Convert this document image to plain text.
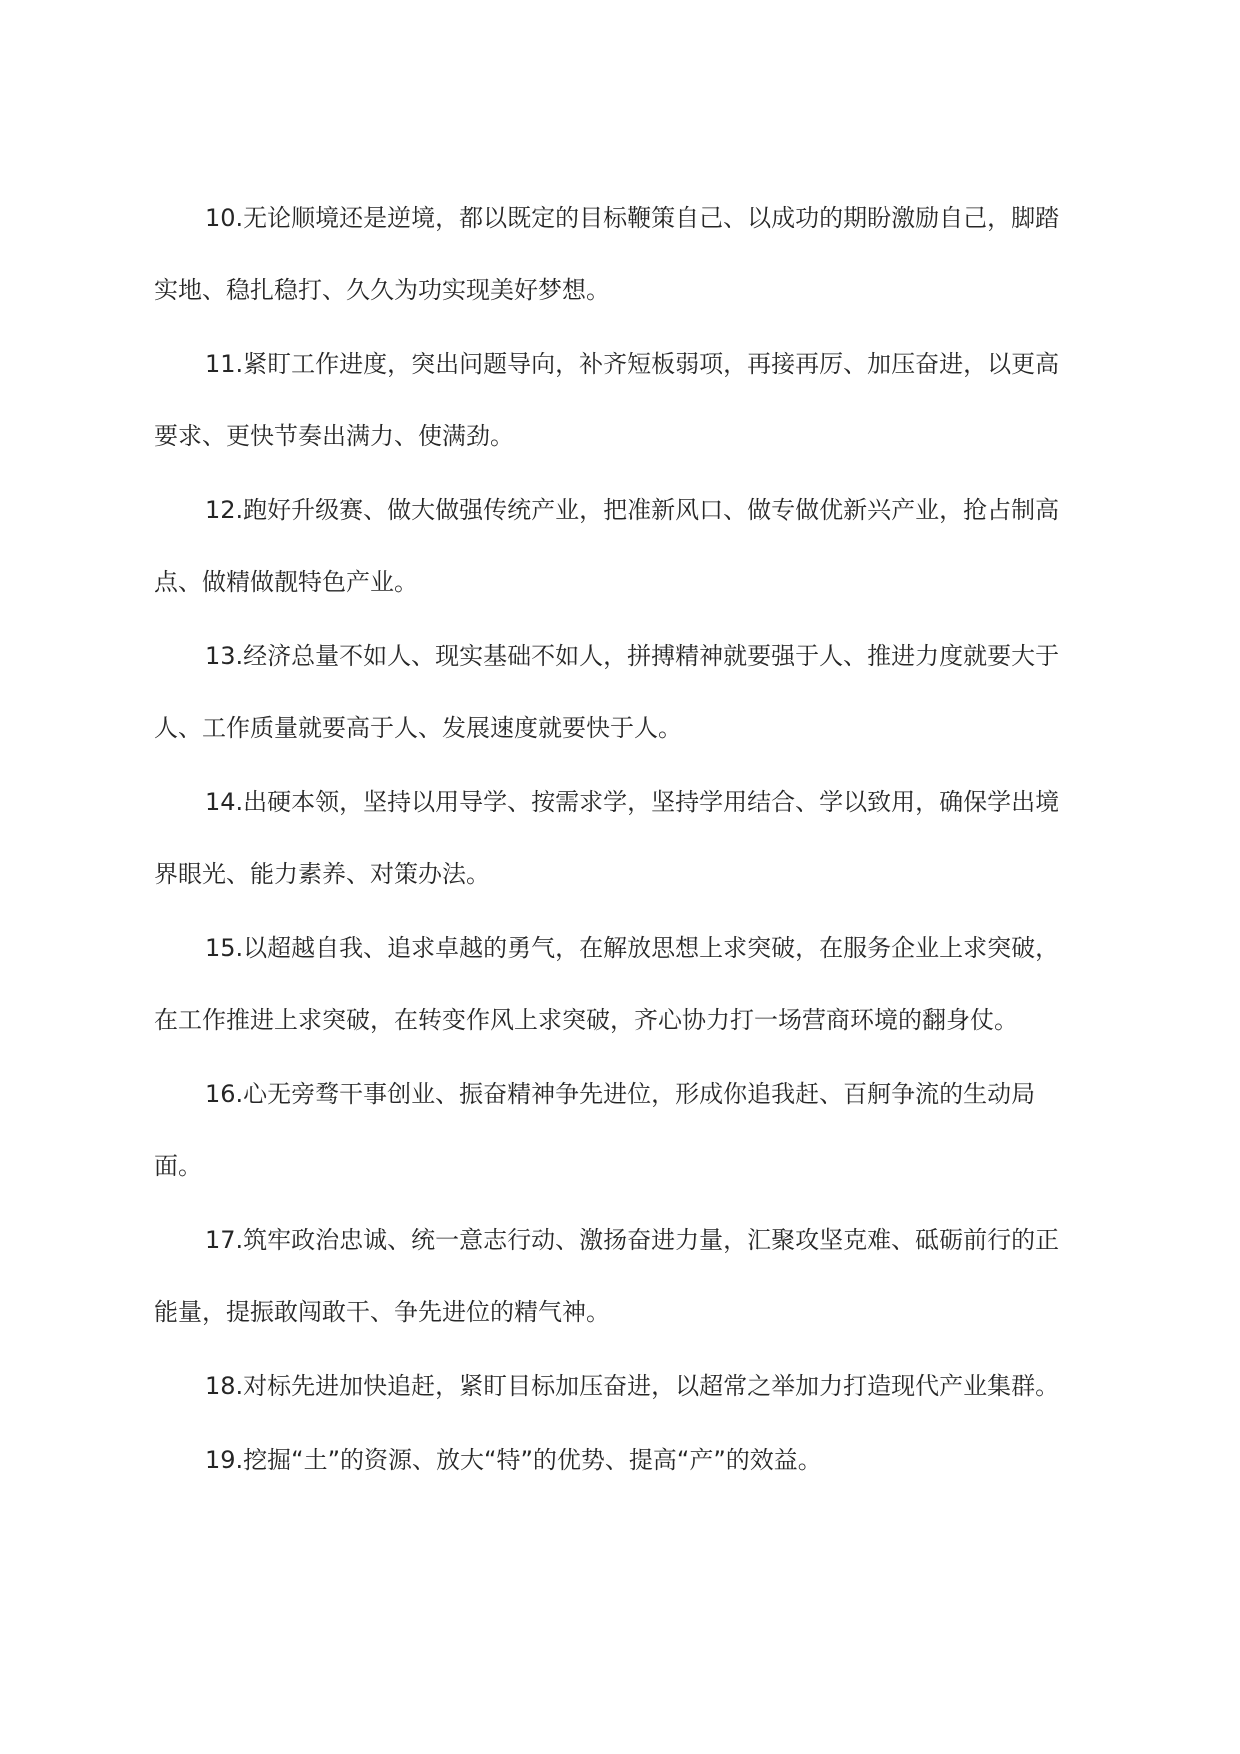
10.无论顺境还是逆境，都以既定的目标鞭策自己、以成功的期盼激励自己，脚踏实地、稳扎稳打、久久为功实现美好梦想。

11.紧盯工作进度，突出问题导向，补齐短板弱项，再接再厉、加压奋进，以更高要求、更快节奏出满力、使满劲。

12.跑好升级赛、做大做强传统产业，把准新风口、做专做优新兴产业，抢占制高点、做精做靓特色产业。

13.经济总量不如人、现实基础不如人，拼搏精神就要强于人、推进力度就要大于人、工作质量就要高于人、发展速度就要快于人。

14.出硬本领，坚持以用导学、按需求学，坚持学用结合、学以致用，确保学出境界眼光、能力素养、对策办法。

15.以超越自我、追求卓越的勇气，在解放思想上求突破，在服务企业上求突破，在工作推进上求突破，在转变作风上求突破，齐心协力打一场营商环境的翻身仗。

16.心无旁骛干事创业、振奋精神争先进位，形成你追我赶、百舸争流的生动局面。

17.筑牢政治忠诚、统一意志行动、激扬奋进力量，汇聚攻坚克难、砥砺前行的正能量，提振敢闯敢干、争先进位的精气神。

18.对标先进加快追赶，紧盯目标加压奋进，以超常之举加力打造现代产业集群。

19.挖掘“土”的资源、放大“特”的优势、提高“产”的效益。
